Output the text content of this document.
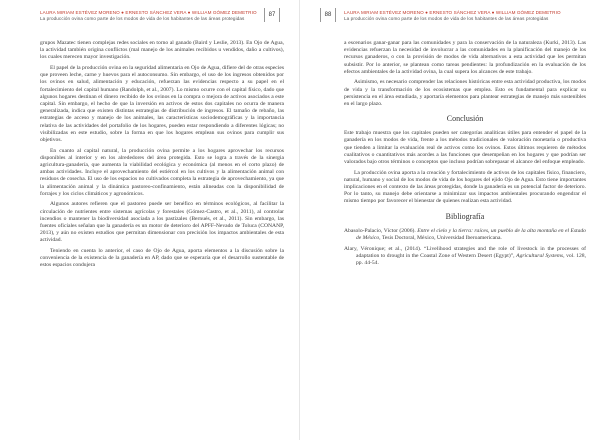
LAURA MIRIAM ESTÉVEZ MORENO ● ERNESTO SÁNCHEZ VERA ● WILLIAM GÓMEZ DEMETRIO
La producción ovina como parte de los modos de vida de los habitantes de las áreas protegidas
87

grupos Mazatec tienen complejas redes sociales en torno al ganado (Baird y Leslie, 2013). En Ojo de Agua, la actividad también origina conflictos (mal manejo de los animales recibidos u vendidos, daño a cultivos), los cuales merecen mayor investigación.

El papel de la producción ovina en la seguridad alimentaria en Ojo de Agua, difiere del de otras especies que proveen leche, carne y huevos para el autoconsumo. Sin embargo, el uso de los ingresos obtenidos por los ovinos en salud, alimentación y educación, refuerzan las evidencias respecto a su papel en el fortalecimiento del capital humano (Randolph, et al., 2007). Lo mismo ocurre con el capital físico, dado que algunos hogares destinan el dinero recibido de los ovinos en la compra o mejora de activos asociados a este capital. Sin embargo, el hecho de que la inversión en activos de estos dos capitales no ocurra de manera generalizada, indica que existen distintas estrategias de distribución de ingresos. El tamaño de rebaño, las estrategias de acceso y manejo de los animales, las características sociodemográficas y la importancia relativa de las actividades del portafolio de los hogares, pueden estar respondiendo a diferentes lógicas; no visibilizadas en este estudio, sobre la forma en que los hogares emplean sus ovinos para cumplir sus objetivos.

En cuanto al capital natural, la producción ovina permite a los hogares aprovechar los recursos disponibles al interior y en los alrededores del área protegida. Esto se logra a través de la sinergia agricultura-ganadería, que aumenta la viabilidad ecológica y económica (al menos en el corto plazo) de ambas actividades. Incluye el aprovechamiento del estiércol en los cultivos y la alimentación animal con residuos de cosecha. El uso de los espacios no cultivados completa la estrategia de aprovechamiento, ya que la alimentación animal y la dinámica pastoreo-confinamiento, están alineadas con la disponibilidad de forrajes y los ciclos climáticos y agronómicos.

Algunos autores refieren que el pastoreo puede ser benéfico en términos ecológicos, al facilitar la circulación de nutrientes entre sistemas agrícolas y forestales (Gómez-Castro, et al., 2011), al controlar incendios o mantener la biodiversidad asociada a los pastizales (Bernués, et al., 2011). Sin embargo, las fuentes oficiales señalan que la ganadería es un motor de deterioro del APFF-Nevado de Toluca (CONANP, 2013), y aún no existen estudios que permitan dimensionar con precisión los impactos ambientales de esta actividad.

Teniendo en cuenta lo anterior, el caso de Ojo de Agua, aporta elementos a la discusión sobre la conveniencia de la existencia de la ganadería en AP, dado que se esperaría que el desarrollo sustentable de estos espacios condujera

88	LAURA MIRIAM ESTÉVEZ MORENO ● ERNESTO SÁNCHEZ VERA ● WILLIAM GÓMEZ DEMETRIO
La producción ovina como parte de los modos de vida de los habitantes de las áreas protegidas

a escenarios ganar-ganar para las comunidades y para la conservación de la naturaleza (Kurki, 2013). Las evidencias refuerzan la necesidad de involucrar a las comunidades en la planificación del manejo de los recursos ganaderos, o con la provisión de modos de vida alternativos a esta actividad que les permitan subsistir. Por lo anterior, se plantean como tareas pendientes: la profundización en la evaluación de los efectos ambientales de la actividad ovina, la cual supera los alcances de este trabajo.

Asimismo, es necesario comprender las relaciones históricas entre esta actividad productiva, los modos de vida y la transformación de los ecosistemas que emplea. Esto es fundamental para explicar su persistencia en el área estudiada, y aportaría elementos para plantear estrategias de manejo más sostenibles en el largo plazo.

Conclusión

Este trabajo muestra que los capitales pueden ser categorías analíticas útiles para entender el papel de la ganadería en los modos de vida, frente a los métodos tradicionales de valoración monetaria o productiva que tienden a limitar la evaluación real de activos como los ovinos. Estos últimos requieren de métodos cualitativos o cuantitativos más acordes a las funciones que desempeñan en los hogares y que podrían ser valorados bajo otros términos o conceptos que incluso podrían sobrepasar el alcance del enfoque empleado.

La producción ovina aporta a la creación y fortalecimiento de activos de los capitales físico, financiero, natural, humano y social de los modos de vida de los hogares del ejido Ojo de Agua. Esto tiene importantes implicaciones en el contexto de las áreas protegidas, donde la ganadería es un potencial factor de deterioro. Por lo tanto, su manejo debe orientarse a minimizar sus impactos ambientales procurando engendrar el mismo tiempo por favorecer el bienestar de quienes realizan esta actividad.

Bibliografía
Abasolo-Palacio, Víctor (2006). Entre el cielo y la tierra: raíces, un pueblo de la alta montaña en el Estado de México, Tesis Doctoral, México, Universidad Iberoamericana.
Alary, Véronique; et al., (2014). “Livelihood strategies and the role of livestock in the processes of adaptation to drought in the Coastal Zone of Western Desert (Egypt)”, Agricultural Systems, vol. 128, pp. 44-54.
